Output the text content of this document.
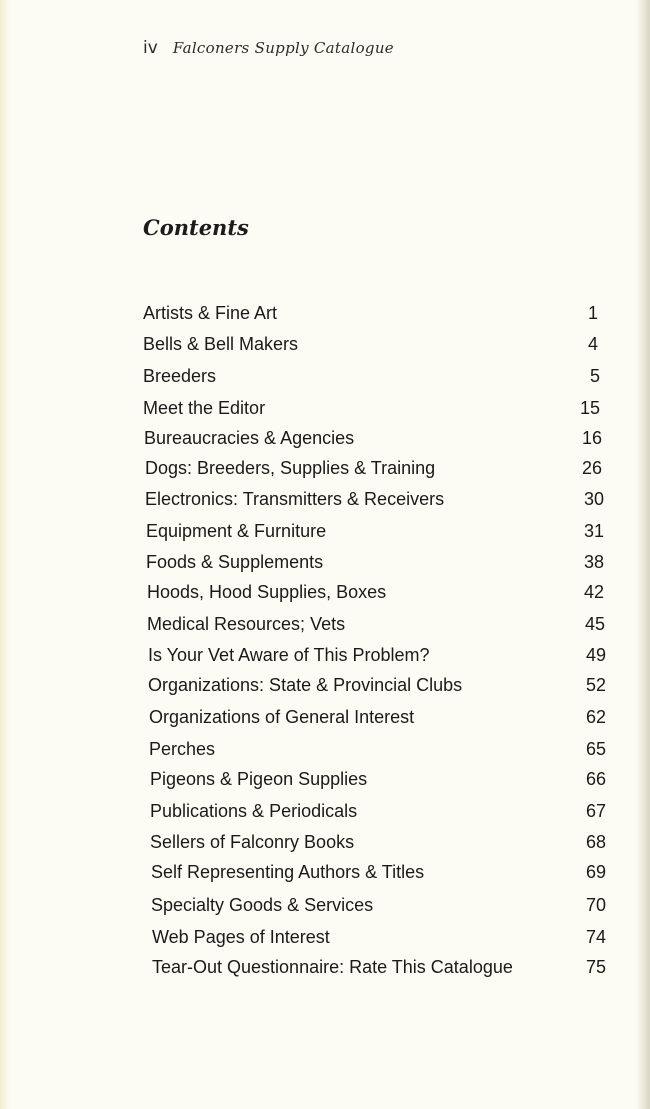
iv Falconers Supply Catalogue
Contents
Artists & Fine Art	1
Bells & Bell Makers	4
Breeders	5
Meet the Editor	15
Bureaucracies & Agencies	16
Dogs: Breeders, Supplies & Training	26
Electronics: Transmitters & Receivers	30
Equipment & Furniture	31
Foods & Supplements	38
Hoods, Hood Supplies, Boxes	42
Medical Resources; Vets	45
Is Your Vet Aware of This Problem?	49
Organizations: State & Provincial Clubs	52
Organizations of General Interest	62
Perches	65
Pigeons & Pigeon Supplies	66
Publications & Periodicals	67
Sellers of Falconry Books	68
Self Representing Authors & Titles	69
Specialty Goods & Services	70
Web Pages of Interest	74
Tear-Out Questionnaire: Rate This Catalogue	75
